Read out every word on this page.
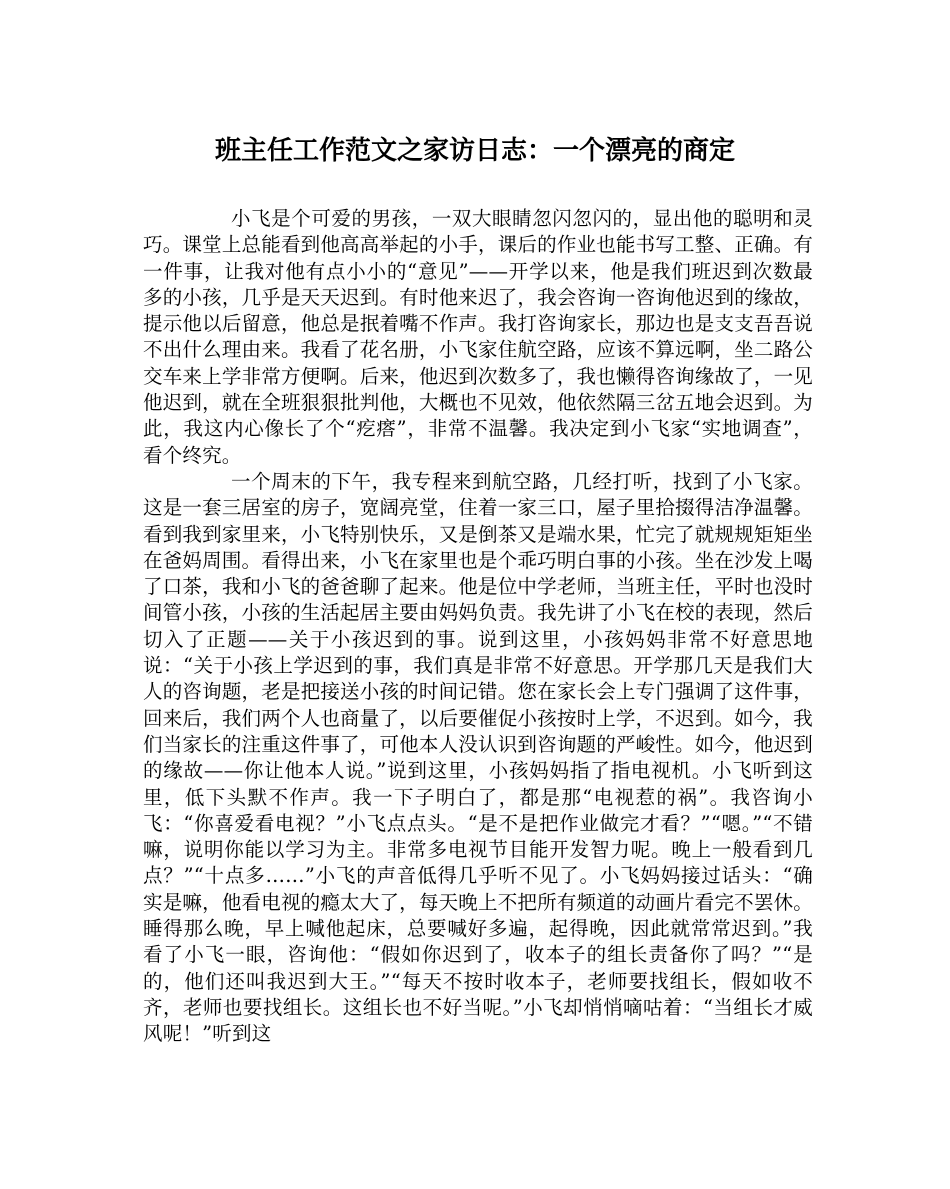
班主任工作范文之家访日志：一个漂亮的商定

小飞是个可爱的男孩，一双大眼睛忽闪忽闪的，显出他的聪明和灵巧。课堂上总能看到他高高举起的小手，课后的作业也能书写工整、正确。有一件事，让我对他有点小小的“意见”——开学以来，他是我们班迟到次数最多的小孩，几乎是天天迟到。有时他来迟了，我会咨询一咨询他迟到的缘故，提示他以后留意，他总是抿着嘴不作声。我打咨询家长，那边也是支支吾吾说不出什么理由来。我看了花名册，小飞家住航空路，应该不算远啊，坐二路公交车来上学非常方便啊。后来，他迟到次数多了，我也懒得咨询缘故了，一见他迟到，就在全班狠狠批判他，大概也不见效，他依然隔三岔五地会迟到。为此，我这内心像长了个“疙瘩”，非常不温馨。我决定到小飞家“实地调查”，看个终究。

一个周末的下午，我专程来到航空路，几经打听，找到了小飞家。这是一套三居室的房子，宽阔亮堂，住着一家三口，屋子里拾掇得洁净温馨。看到我到家里来，小飞特别快乐，又是倒茶又是端水果，忙完了就规规矩矩坐在爸妈周围。看得出来，小飞在家里也是个乖巧明白事的小孩。坐在沙发上喝了口茶，我和小飞的爸爸聊了起来。他是位中学老师，当班主任，平时也没时间管小孩，小孩的生活起居主要由妈妈负责。我先讲了小飞在校的表现，然后切入了正题——关于小孩迟到的事。说到这里，小孩妈妈非常不好意思地说：“关于小孩上学迟到的事，我们真是非常不好意思。开学那几天是我们大人的咨询题，老是把接送小孩的时间记错。您在家长会上专门强调了这件事，回来后，我们两个人也商量了，以后要催促小孩按时上学，不迟到。如今，我们当家长的注重这件事了，可他本人没认识到咨询题的严峻性。如今，他迟到的缘故——你让他本人说。”说到这里，小孩妈妈指了指电视机。小飞听到这里，低下头默不作声。我一下子明白了，都是那“电视惹的祸”。我咨询小飞：“你喜爱看电视？”小飞点点头。“是不是把作业做完才看？”“嗯。”“不错嘛，说明你能以学习为主。非常多电视节目能开发智力呢。晚上一般看到几点？”“十点多……”小飞的声音低得几乎听不见了。小飞妈妈接过话头：“确实是嘛，他看电视的瘾太大了，每天晚上不把所有频道的动画片看完不罢休。睡得那么晚，早上喊他起床，总要喊好多遍，起得晚，因此就常常迟到。”我看了小飞一眼，咨询他：“假如你迟到了，收本子的组长责备你了吗？”“是的，他们还叫我迟到大王。”“每天不按时收本子，老师要找组长，假如收不齐，老师也要找组长。这组长也不好当呢。”小飞却悄悄嘀咕着：“当组长才威风呢！”听到这
